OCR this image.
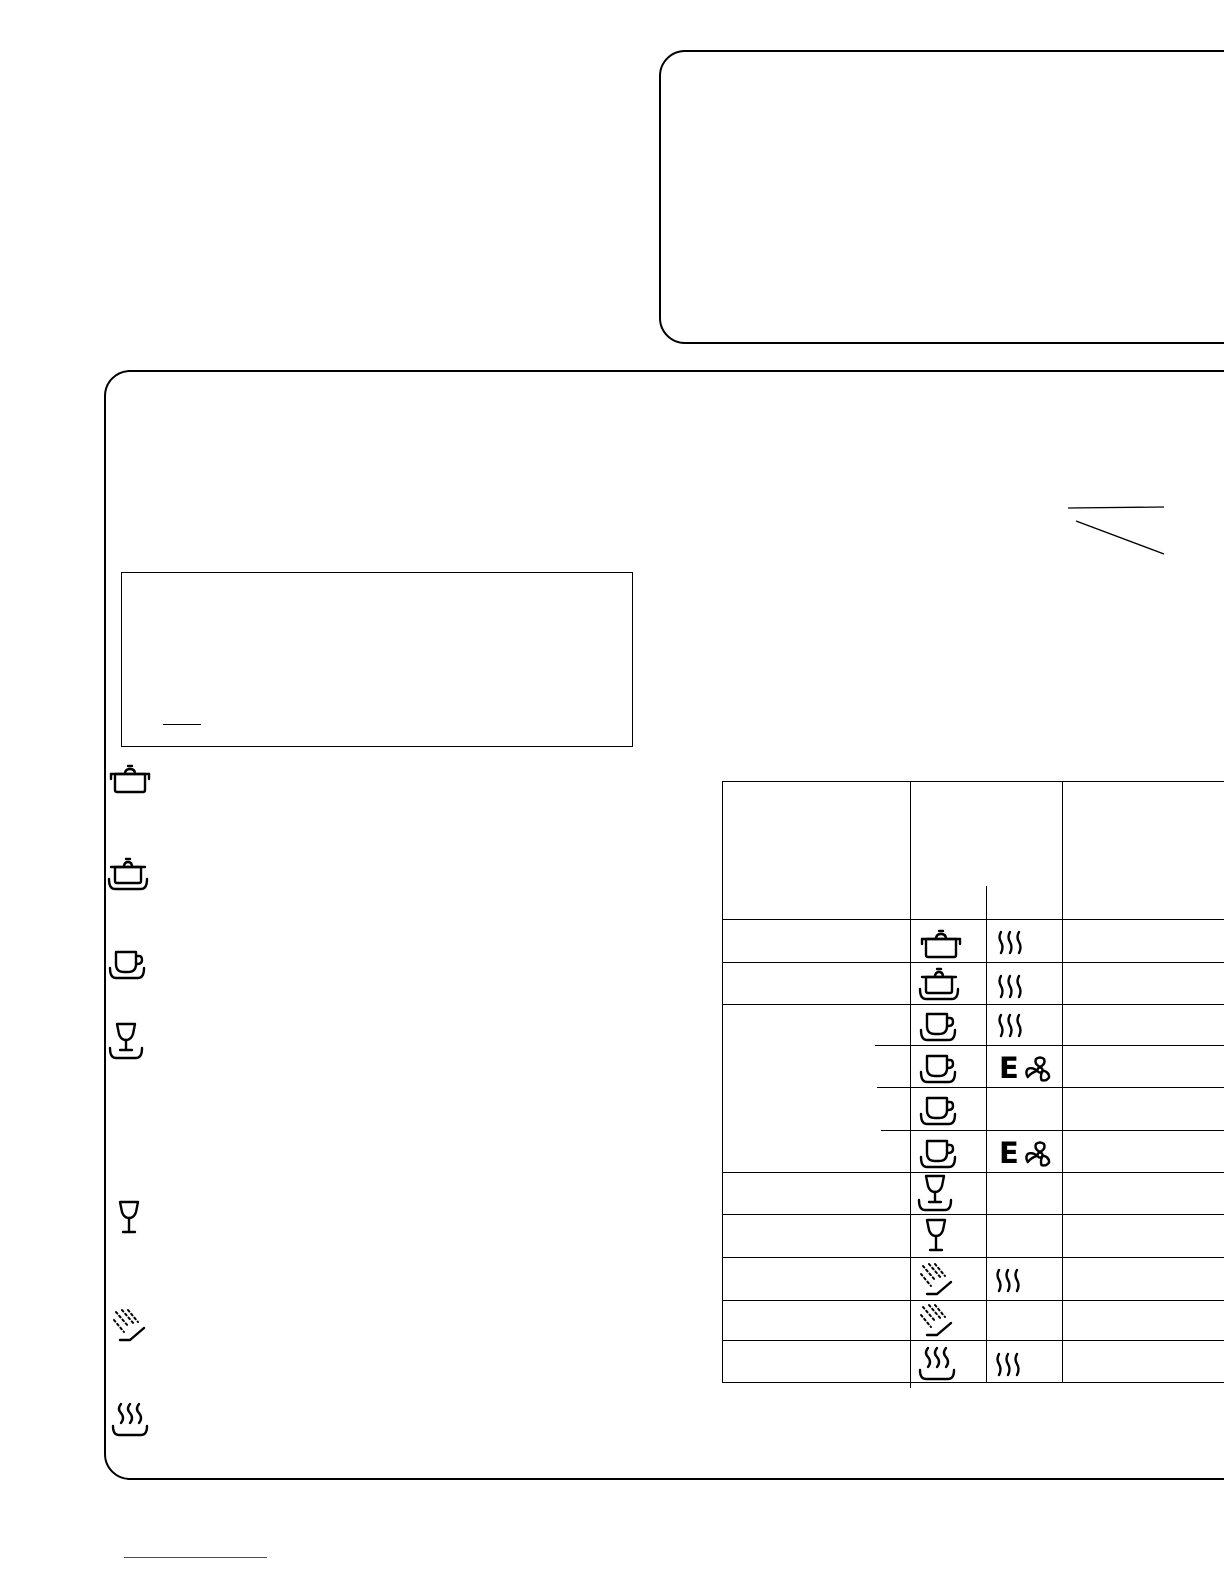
E
E
